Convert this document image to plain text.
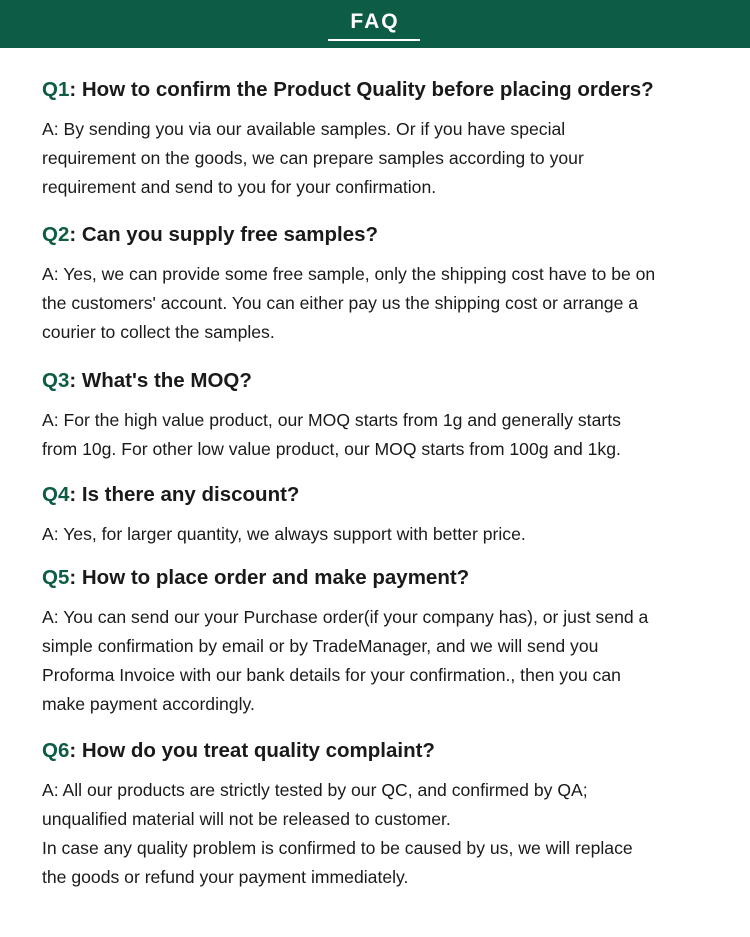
FAQ
Q1: How to confirm the Product Quality before placing orders?
A: By sending you via our available samples. Or if you have special
requirement on the goods, we can prepare samples according to your
requirement and send to you for your confirmation.
Q2: Can you supply free samples?
A: Yes, we can provide some free sample, only the shipping cost have to be on
the customers' account. You can either pay us the shipping cost or arrange a
courier to collect the samples.
Q3: What's the MOQ?
A: For the high value product, our MOQ starts from 1g and generally starts
from 10g. For other low value product, our MOQ starts from 100g and 1kg.
Q4: Is there any discount?
A: Yes, for larger quantity, we always support with better price.
Q5: How to place order and make payment?
A: You can send our your Purchase order(if your company has), or just send a
simple confirmation by email or by TradeManager, and we will send you
Proforma Invoice with our bank details for your confirmation., then you can
make payment accordingly.
Q6: How do you treat quality complaint?
A: All our products are strictly tested by our QC, and confirmed by QA;
unqualified material will not be released to customer.
In case any quality problem is confirmed to be caused by us, we will replace
the goods or refund your payment immediately.
